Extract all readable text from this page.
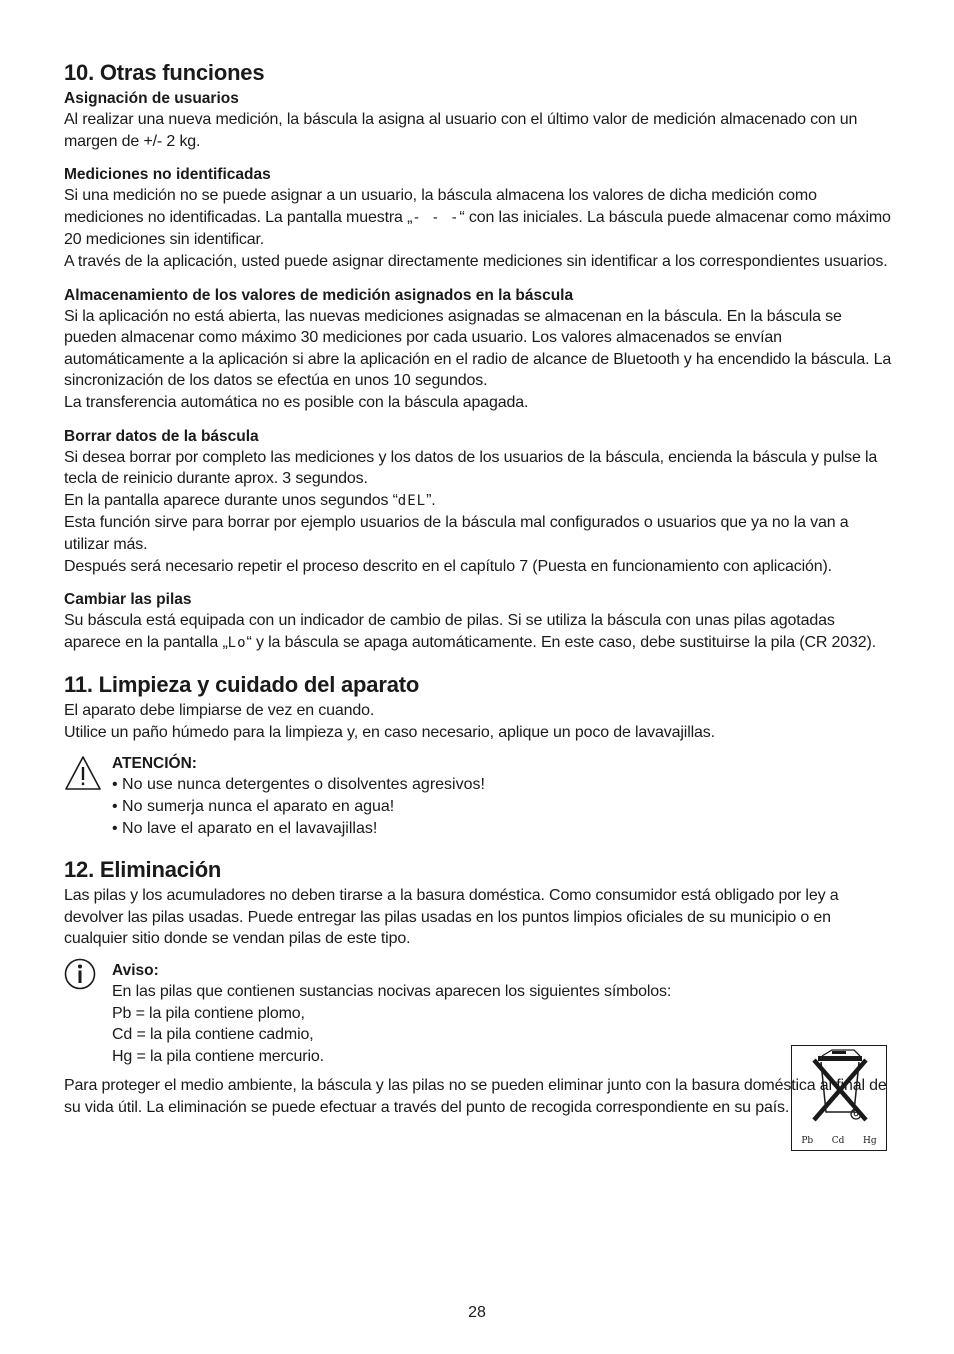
10. Otras funciones
Asignación de usuarios

Al realizar una nueva medición, la báscula la asigna al usuario con el último valor de medición almacenado con un margen de +/- 2 kg.

Mediciones no identificadas

Si una medición no se puede asignar a un usuario, la báscula almacena los valores de dicha medición como mediciones no identificadas. La pantalla muestra „- - -“ con las iniciales. La báscula puede almacenar como máximo 20 mediciones sin identificar.

A través de la aplicación, usted puede asignar directamente mediciones sin identificar a los correspondientes usuarios.

Almacenamiento de los valores de medición asignados en la báscula

Si la aplicación no está abierta, las nuevas mediciones asignadas se almacenan en la báscula. En la báscula se pueden almacenar como máximo 30 mediciones por cada usuario. Los valores almacenados se envían automáticamente a la aplicación si abre la aplicación en el radio de alcance de Bluetooth y ha encendido la báscula. La sincronización de los datos se efectúa en unos 10 segundos.

La transferencia automática no es posible con la báscula apagada.

Borrar datos de la báscula

Si desea borrar por completo las mediciones y los datos de los usuarios de la báscula, encienda la báscula y pulse la tecla de reinicio durante aprox. 3 segundos.

En la pantalla aparece durante unos segundos “dEL”.

Esta función sirve para borrar por ejemplo usuarios de la báscula mal configurados o usuarios que ya no la van a utilizar más.

Después será necesario repetir el proceso descrito en el capítulo 7 (Puesta en funcionamiento con aplicación).

Cambiar las pilas

Su báscula está equipada con un indicador de cambio de pilas. Si se utiliza la báscula con unas pilas agotadas aparece en la pantalla „Lo“ y la báscula se apaga automáticamente. En este caso, debe sustituirse la pila (CR 2032).

11. Limpieza y cuidado del aparato

El aparato debe limpiarse de vez en cuando.

Utilice un paño húmedo para la limpieza y, en caso necesario, aplique un poco de lavavajillas.

ATENCIÓN:
• No use nunca detergentes o disolventes agresivos!
• No sumerja nunca el aparato en agua!
• No lave el aparato en el lavavajillas!
12. Eliminación

Las pilas y los acumuladores no deben tirarse a la basura doméstica. Como consumidor está obligado por ley a devolver las pilas usadas. Puede entregar las pilas usadas en los puntos limpios oficiales de su municipio o en cualquier sitio donde se vendan pilas de este tipo.

Aviso:

En las pilas que contienen sustancias nocivas aparecen los siguientes símbolos:

Pb = la pila contiene plomo,

Cd = la pila contiene cadmio,

Hg = la pila contiene mercurio.

Para proteger el medio ambiente, la báscula y las pilas no se pueden eliminar junto con la basura doméstica al final de su vida útil. La eliminación se puede efectuar a través del punto de recogida correspondiente en su país.

Pb Cd Hg
28
